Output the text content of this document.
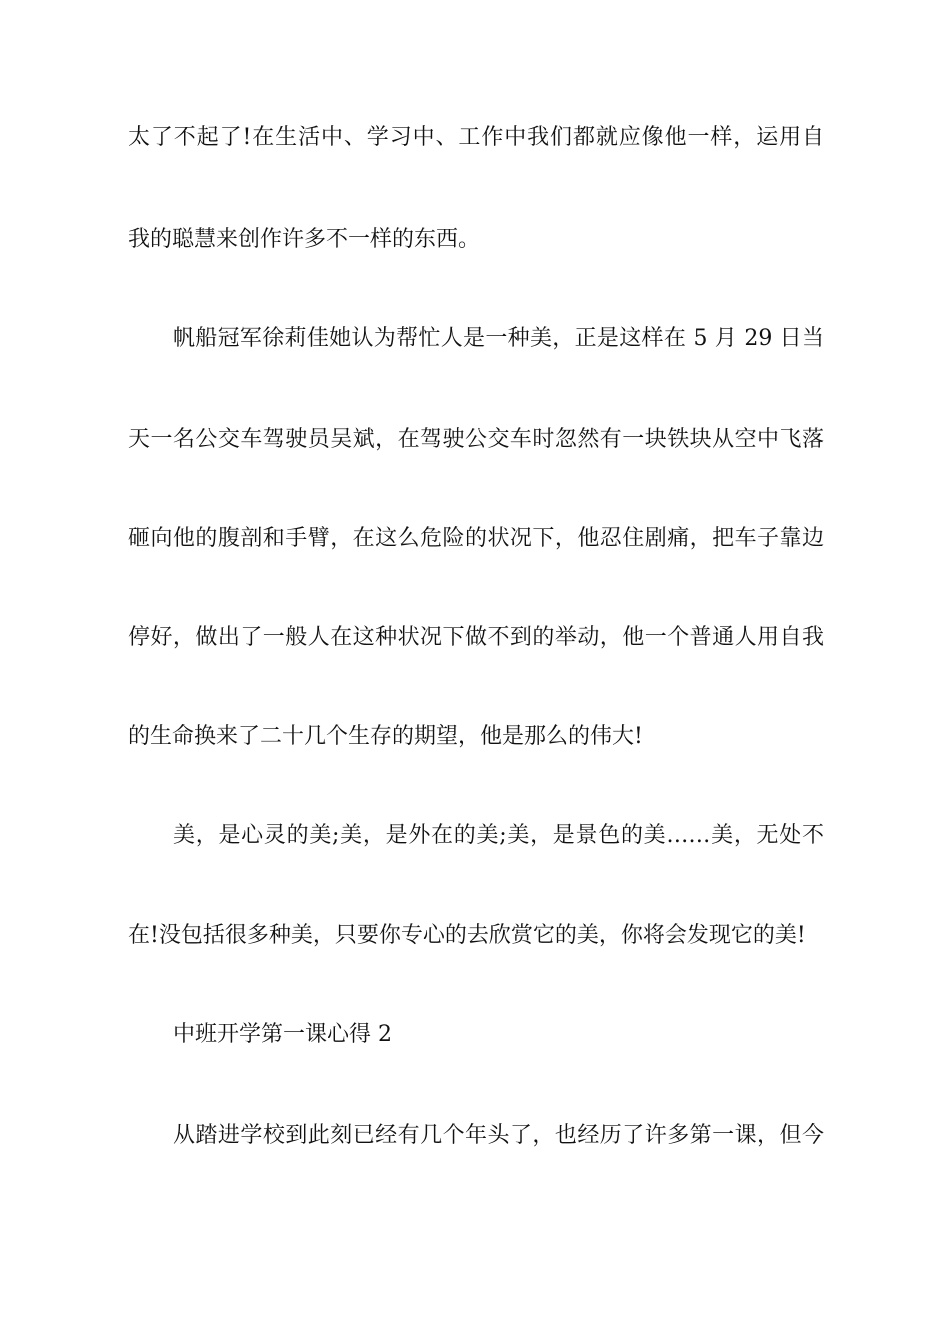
太了不起了!在生活中、学习中、工作中我们都就应像他一样，运用自
我的聪慧来创作许多不一样的东西。
帆船冠军徐莉佳她认为帮忙人是一种美，正是这样在 5 月 29 日当
天一名公交车驾驶员吴斌，在驾驶公交车时忽然有一块铁块从空中飞落
砸向他的腹剖和手臂，在这么危险的状况下，他忍住剧痛，把车子靠边
停好，做出了一般人在这种状况下做不到的举动，他一个普通人用自我
的生命换来了二十几个生存的期望，他是那么的伟大!
美，是心灵的美;美，是外在的美;美，是景色的美……美，无处不
在!没包括很多种美，只要你专心的去欣赏它的美，你将会发现它的美!
中班开学第一课心得 2
从踏进学校到此刻已经有几个年头了，也经历了许多第一课，但今
